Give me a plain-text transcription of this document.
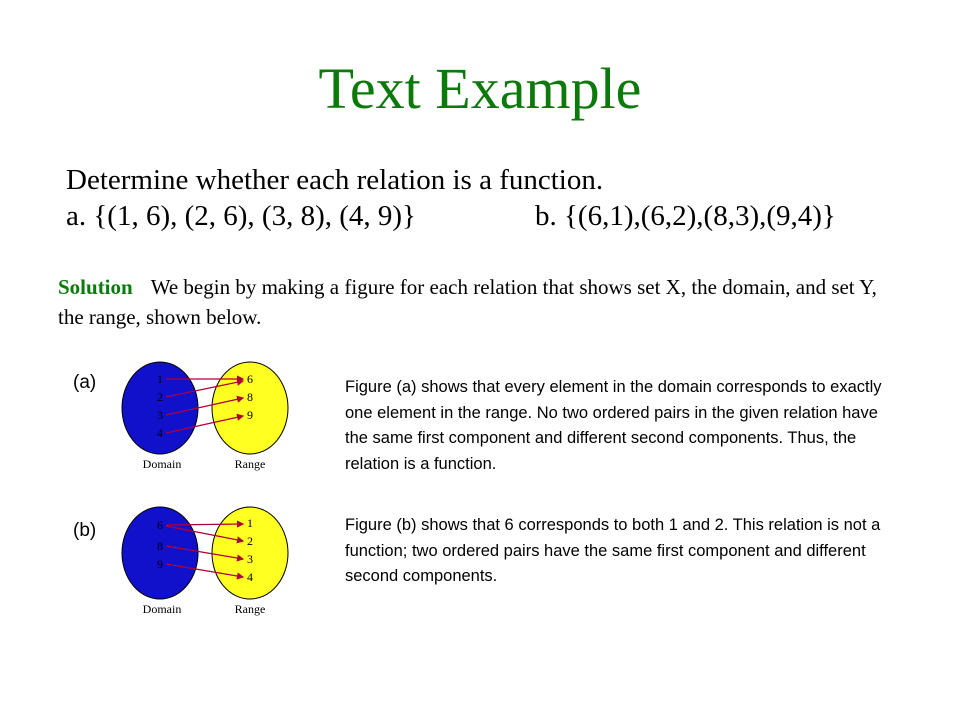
Text Example
Determine whether each relation is a function.
a. {(1, 6), (2, 6), (3, 8), (4, 9)}	b. {(6,1),(6,2),(8,3),(9,4)}
Solution We begin by making a figure for each relation that shows set X, the domain, and set Y, the range, shown below.
(a)
(b)
1
2
3
4
6
8
9
Domain	Range
6
8
9
1
2
3
4
Domain	Range
Figure (a) shows that every element in the domain corresponds to exactly one element in the range. No two ordered pairs in the given relation have the same first component and different second components. Thus, the relation is a function.
Figure (b) shows that 6 corresponds to both 1 and 2. This relation is not a function; two ordered pairs have the same first component and different second components.
